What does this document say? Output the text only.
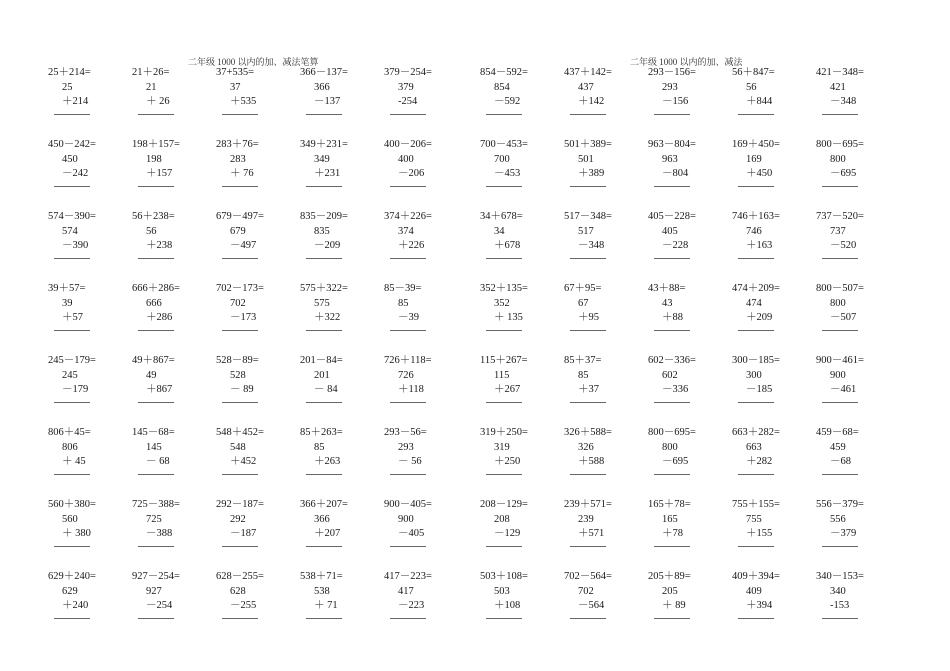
二年级 1000 以内的加、减法笔算	二年级 1000 以内的加、减法
25＋214=
25
＋214
21＋26=
21
＋ 26
37+535=
37
＋535
366－137=
366
－137
379－254=
379
-254
450－242=
450
－242
198＋157=
198
＋157
283＋76=
283
＋ 76
349＋231=
349
＋231
400－206=
400
－206
574－390=
574
－390
56＋238=
56
＋238
679－497=
679
－497
835－209=
835
－209
374＋226=
374
＋226
39＋57=
39
＋57
666＋286=
666
＋286
702－173=
702
－173
575＋322=
575
＋322
85－39=
85
－39
245－179=
245
－179
49＋867=
49
＋867
528－89=
528
－ 89
201－84=
201
－ 84
726＋118=
726
＋118
806＋45=
806
＋ 45
145－68=
145
－ 68
548＋452=
548
＋452
85＋263=
85
＋263
293－56=
293
－ 56
560＋380=
560
＋ 380
725－388=
725
－388
292－187=
292
－187
366＋207=
366
＋207
900－405=
900
－405
629＋240=
629
＋240
927－254=
927
－254
628－255=
628
－255
538＋71=
538
＋ 71
417－223=
417
－223
854－592=
854
－592
437＋142=
437
＋142
293－156=
293
－156
56＋847=
56
＋844
421－348=
421
－348
700－453=
700
－453
501＋389=
501
＋389
963－804=
963
－804
169＋450=
169
＋450
800－695=
800
－695
34＋678=
34
＋678
517－348=
517
－348
405－228=
405
－228
746＋163=
746
＋163
737－520=
737
－520
352＋135=
352
＋ 135
67＋95=
67
＋95
43＋88=
43
＋88
474＋209=
474
＋209
800－507=
800
－507
115＋267=
115
＋267
85＋37=
85
＋37
602－336=
602
－336
300－185=
300
－185
900－461=
900
－461
319＋250=
319
＋250
326＋588=
326
＋588
800－695=
800
－695
663＋282=
663
＋282
459－68=
459
－68
208－129=
208
－129
239＋571=
239
＋571
165＋78=
165
＋78
755＋155=
755
＋155
556－379=
556
－379
503＋108=
503
＋108
702－564=
702
－564
205＋89=
205
＋ 89
409＋394=
409
＋394
340－153=
340
-153
